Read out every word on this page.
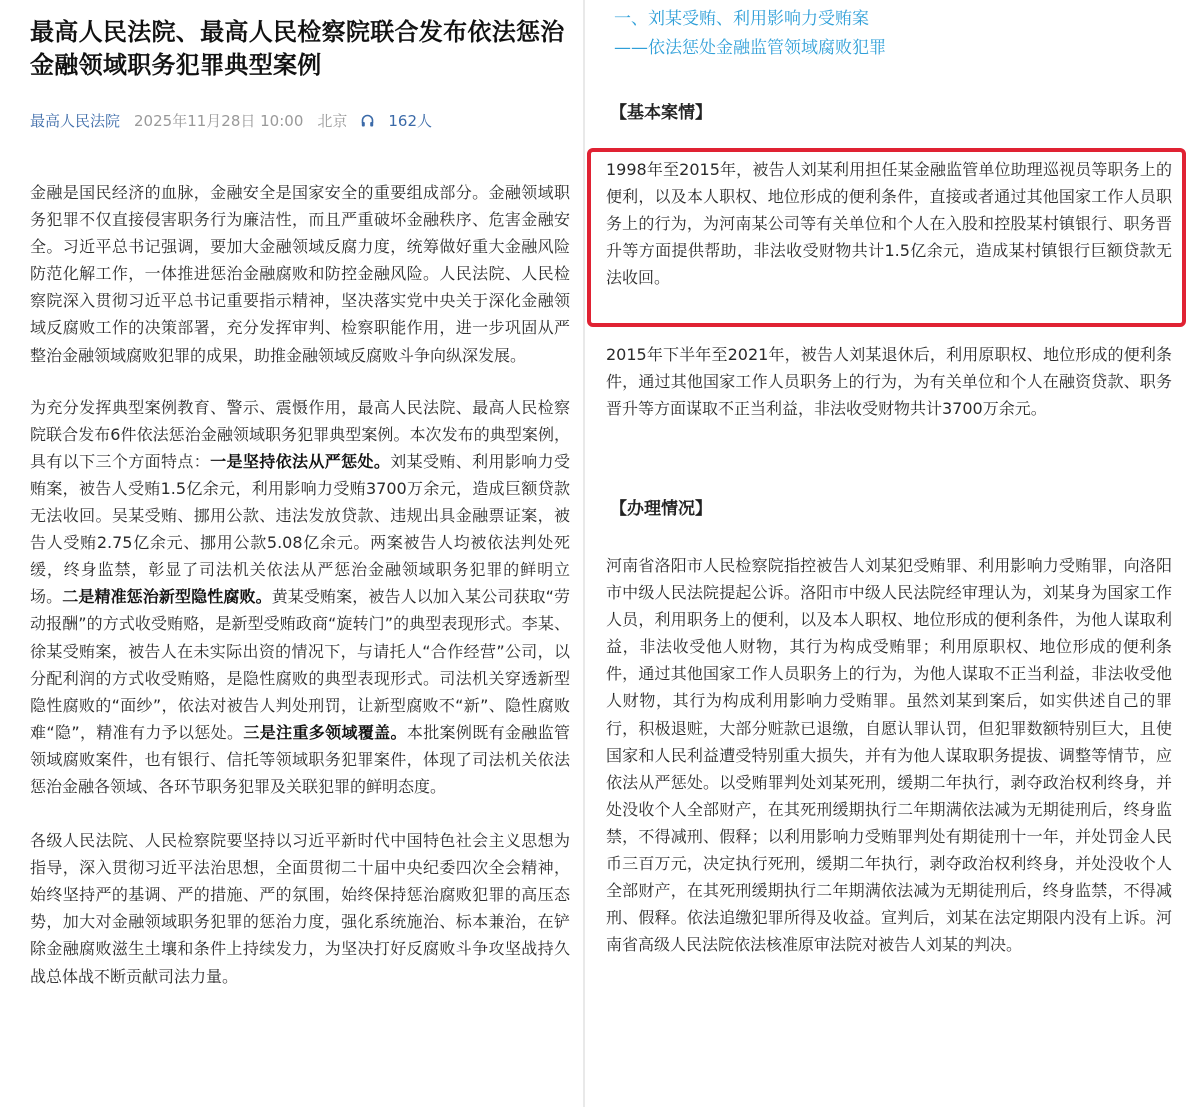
最高人民法院、最高人民检察院联合发布依法惩治金融领域职务犯罪典型案例
最高人民法院 2025年11月28日 10:00 北京	162人

金融是国民经济的血脉，金融安全是国家安全的重要组成部分。金融领域职务犯罪不仅直接侵害职务行为廉洁性，而且严重破坏金融秩序、危害金融安全。习近平总书记强调，要加大金融领域反腐力度，统筹做好重大金融风险防范化解工作，一体推进惩治金融腐败和防控金融风险。人民法院、人民检察院深入贯彻习近平总书记重要指示精神，坚决落实党中央关于深化金融领域反腐败工作的决策部署，充分发挥审判、检察职能作用，进一步巩固从严整治金融领域腐败犯罪的成果，助推金融领域反腐败斗争向纵深发展。

为充分发挥典型案例教育、警示、震慑作用，最高人民法院、最高人民检察院联合发布6件依法惩治金融领域职务犯罪典型案例。本次发布的典型案例，具有以下三个方面特点：一是坚持依法从严惩处。刘某受贿、利用影响力受贿案，被告人受贿1.5亿余元，利用影响力受贿3700万余元，造成巨额贷款无法收回。吴某受贿、挪用公款、违法发放贷款、违规出具金融票证案，被告人受贿2.75亿余元、挪用公款5.08亿余元。两案被告人均被依法判处死缓，终身监禁，彰显了司法机关依法从严惩治金融领域职务犯罪的鲜明立场。二是精准惩治新型隐性腐败。黄某受贿案，被告人以加入某公司获取“劳动报酬”的方式收受贿赂，是新型受贿政商“旋转门”的典型表现形式。李某、徐某受贿案，被告人在未实际出资的情况下，与请托人“合作经营”公司，以分配利润的方式收受贿赂，是隐性腐败的典型表现形式。司法机关穿透新型隐性腐败的“面纱”，依法对被告人判处刑罚，让新型腐败不“新”、隐性腐败难“隐”，精准有力予以惩处。三是注重多领域覆盖。本批案例既有金融监管领域腐败案件，也有银行、信托等领域职务犯罪案件，体现了司法机关依法惩治金融各领域、各环节职务犯罪及关联犯罪的鲜明态度。

各级人民法院、人民检察院要坚持以习近平新时代中国特色社会主义思想为指导，深入贯彻习近平法治思想，全面贯彻二十届中央纪委四次全会精神，始终坚持严的基调、严的措施、严的氛围，始终保持惩治腐败犯罪的高压态势，加大对金融领域职务犯罪的惩治力度，强化系统施治、标本兼治，在铲除金融腐败滋生土壤和条件上持续发力，为坚决打好反腐败斗争攻坚战持久战总体战不断贡献司法力量。

一、刘某受贿、利用影响力受贿案

——依法惩处金融监管领域腐败犯罪

【基本案情】

1998年至2015年，被告人刘某利用担任某金融监管单位助理巡视员等职务上的便利，以及本人职权、地位形成的便利条件，直接或者通过其他国家工作人员职务上的行为，为河南某公司等有关单位和个人在入股和控股某村镇银行、职务晋升等方面提供帮助，非法收受财物共计1.5亿余元，造成某村镇银行巨额贷款无法收回。

2015年下半年至2021年，被告人刘某退休后，利用原职权、地位形成的便利条件，通过其他国家工作人员职务上的行为，为有关单位和个人在融资贷款、职务晋升等方面谋取不正当利益，非法收受财物共计3700万余元。

【办理情况】

河南省洛阳市人民检察院指控被告人刘某犯受贿罪、利用影响力受贿罪，向洛阳市中级人民法院提起公诉。洛阳市中级人民法院经审理认为，刘某身为国家工作人员，利用职务上的便利，以及本人职权、地位形成的便利条件，为他人谋取利益，非法收受他人财物，其行为构成受贿罪；利用原职权、地位形成的便利条件，通过其他国家工作人员职务上的行为，为他人谋取不正当利益，非法收受他人财物，其行为构成利用影响力受贿罪。虽然刘某到案后，如实供述自己的罪行，积极退赃，大部分赃款已退缴，自愿认罪认罚，但犯罪数额特别巨大，且使国家和人民利益遭受特别重大损失，并有为他人谋取职务提拔、调整等情节，应依法从严惩处。以受贿罪判处刘某死刑，缓期二年执行，剥夺政治权利终身，并处没收个人全部财产，在其死刑缓期执行二年期满依法减为无期徒刑后，终身监禁，不得减刑、假释；以利用影响力受贿罪判处有期徒刑十一年，并处罚金人民币三百万元，决定执行死刑，缓期二年执行，剥夺政治权利终身，并处没收个人全部财产，在其死刑缓期执行二年期满依法减为无期徒刑后，终身监禁，不得减刑、假释。依法追缴犯罪所得及收益。宣判后，刘某在法定期限内没有上诉。河南省高级人民法院依法核准原审法院对被告人刘某的判决。
